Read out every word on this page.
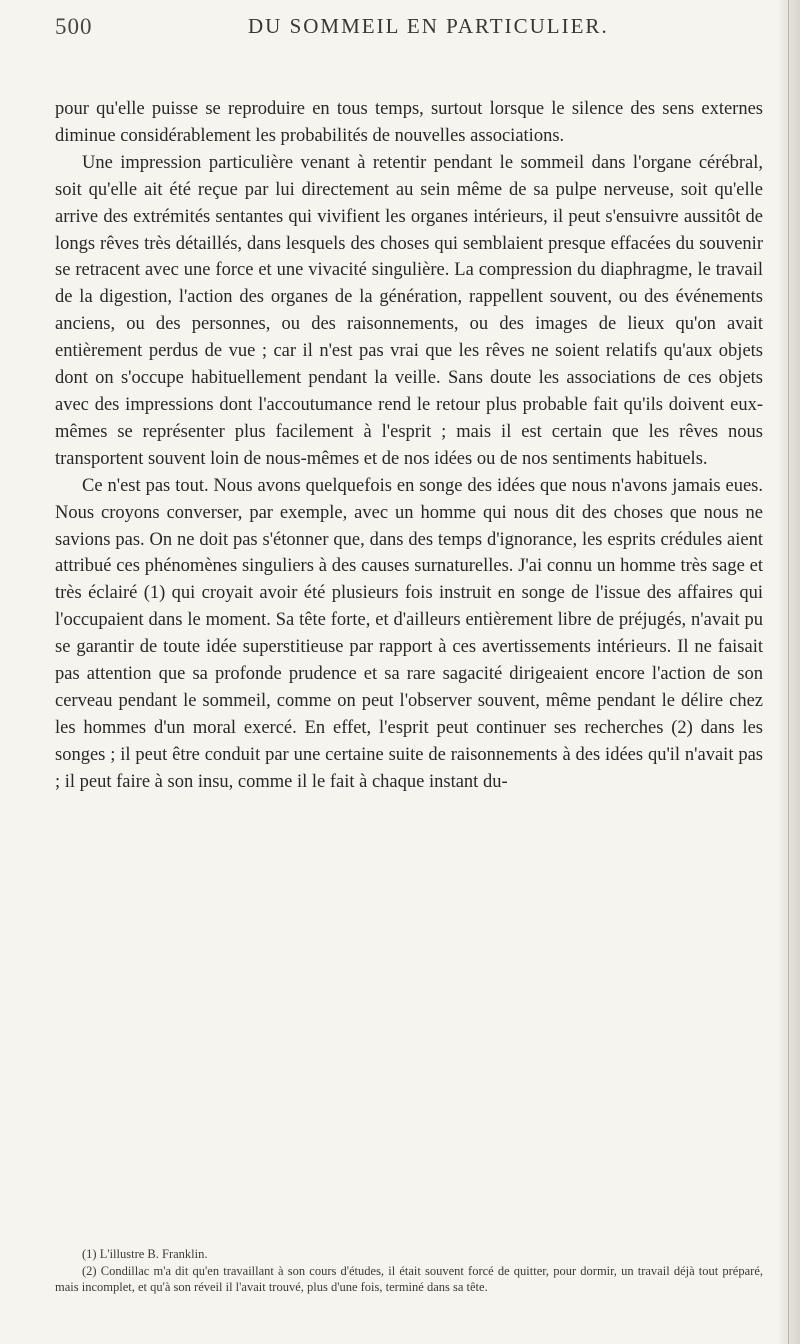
500	DU SOMMEIL EN PARTICULIER.

pour qu'elle puisse se reproduire en tous temps, surtout lorsque le silence des sens externes diminue considérablement les probabilités de nouvelles associations.

Une impression particulière venant à retentir pendant le sommeil dans l'organe cérébral, soit qu'elle ait été reçue par lui directement au sein même de sa pulpe nerveuse, soit qu'elle arrive des extrémités sentantes qui vivifient les organes intérieurs, il peut s'ensuivre aussitôt de longs rêves très détaillés, dans lesquels des choses qui semblaient presque effacées du souvenir se retracent avec une force et une vivacité singulière. La compression du diaphragme, le travail de la digestion, l'action des organes de la génération, rappellent souvent, ou des événements anciens, ou des personnes, ou des raisonnements, ou des images de lieux qu'on avait entièrement perdus de vue ; car il n'est pas vrai que les rêves ne soient relatifs qu'aux objets dont on s'occupe habituellement pendant la veille. Sans doute les associations de ces objets avec des impressions dont l'accoutumance rend le retour plus probable fait qu'ils doivent eux-mêmes se représenter plus facilement à l'esprit ; mais il est certain que les rêves nous transportent souvent loin de nous-mêmes et de nos idées ou de nos sentiments habituels.

Ce n'est pas tout. Nous avons quelquefois en songe des idées que nous n'avons jamais eues. Nous croyons converser, par exemple, avec un homme qui nous dit des choses que nous ne savions pas. On ne doit pas s'étonner que, dans des temps d'ignorance, les esprits crédules aient attribué ces phénomènes singuliers à des causes surnaturelles. J'ai connu un homme très sage et très éclairé (1) qui croyait avoir été plusieurs fois instruit en songe de l'issue des affaires qui l'occupaient dans le moment. Sa tête forte, et d'ailleurs entièrement libre de préjugés, n'avait pu se garantir de toute idée superstitieuse par rapport à ces avertissements intérieurs. Il ne faisait pas attention que sa profonde prudence et sa rare sagacité dirigeaient encore l'action de son cerveau pendant le sommeil, comme on peut l'observer souvent, même pendant le délire chez les hommes d'un moral exercé. En effet, l'esprit peut continuer ses recherches (2) dans les songes ; il peut être conduit par une certaine suite de raisonnements à des idées qu'il n'avait pas ; il peut faire à son insu, comme il le fait à chaque instant du-

(1) L'illustre B. Franklin.

(2) Condillac m'a dit qu'en travaillant à son cours d'études, il était souvent forcé de quitter, pour dormir, un travail déjà tout préparé, mais incomplet, et qu'à son réveil il l'avait trouvé, plus d'une fois, terminé dans sa tête.
